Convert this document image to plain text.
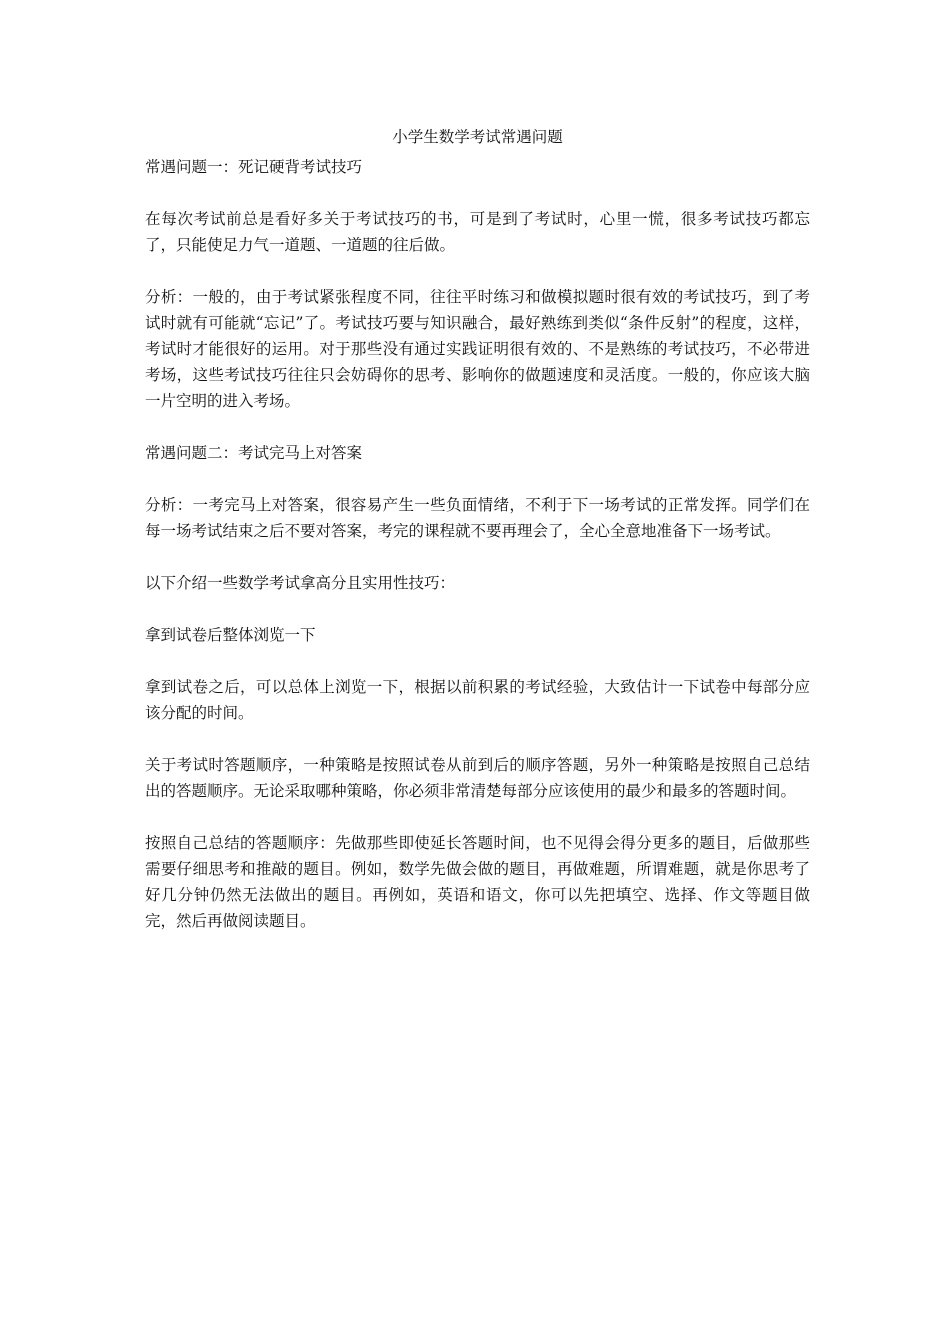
小学生数学考试常遇问题

常遇问题一：死记硬背考试技巧

在每次考试前总是看好多关于考试技巧的书，可是到了考试时，心里一慌，很多考试技巧都忘了，只能使足力气一道题、一道题的往后做。

分析：一般的，由于考试紧张程度不同，往往平时练习和做模拟题时很有效的考试技巧，到了考试时就有可能就“忘记”了。考试技巧要与知识融合，最好熟练到类似“条件反射”的程度，这样，考试时才能很好的运用。对于那些没有通过实践证明很有效的、不是熟练的考试技巧，不必带进考场，这些考试技巧往往只会妨碍你的思考、影响你的做题速度和灵活度。一般的，你应该大脑一片空明的进入考场。

常遇问题二：考试完马上对答案

分析：一考完马上对答案，很容易产生一些负面情绪，不利于下一场考试的正常发挥。同学们在每一场考试结束之后不要对答案，考完的课程就不要再理会了，全心全意地准备下一场考试。

以下介绍一些数学考试拿高分且实用性技巧：

拿到试卷后整体浏览一下

拿到试卷之后，可以总体上浏览一下，根据以前积累的考试经验，大致估计一下试卷中每部分应该分配的时间。

关于考试时答题顺序，一种策略是按照试卷从前到后的顺序答题，另外一种策略是按照自己总结出的答题顺序。无论采取哪种策略，你必须非常清楚每部分应该使用的最少和最多的答题时间。

按照自己总结的答题顺序：先做那些即使延长答题时间，也不见得会得分更多的题目，后做那些需要仔细思考和推敲的题目。例如，数学先做会做的题目，再做难题，所谓难题，就是你思考了好几分钟仍然无法做出的题目。再例如，英语和语文，你可以先把填空、选择、作文等题目做完，然后再做阅读题目。
